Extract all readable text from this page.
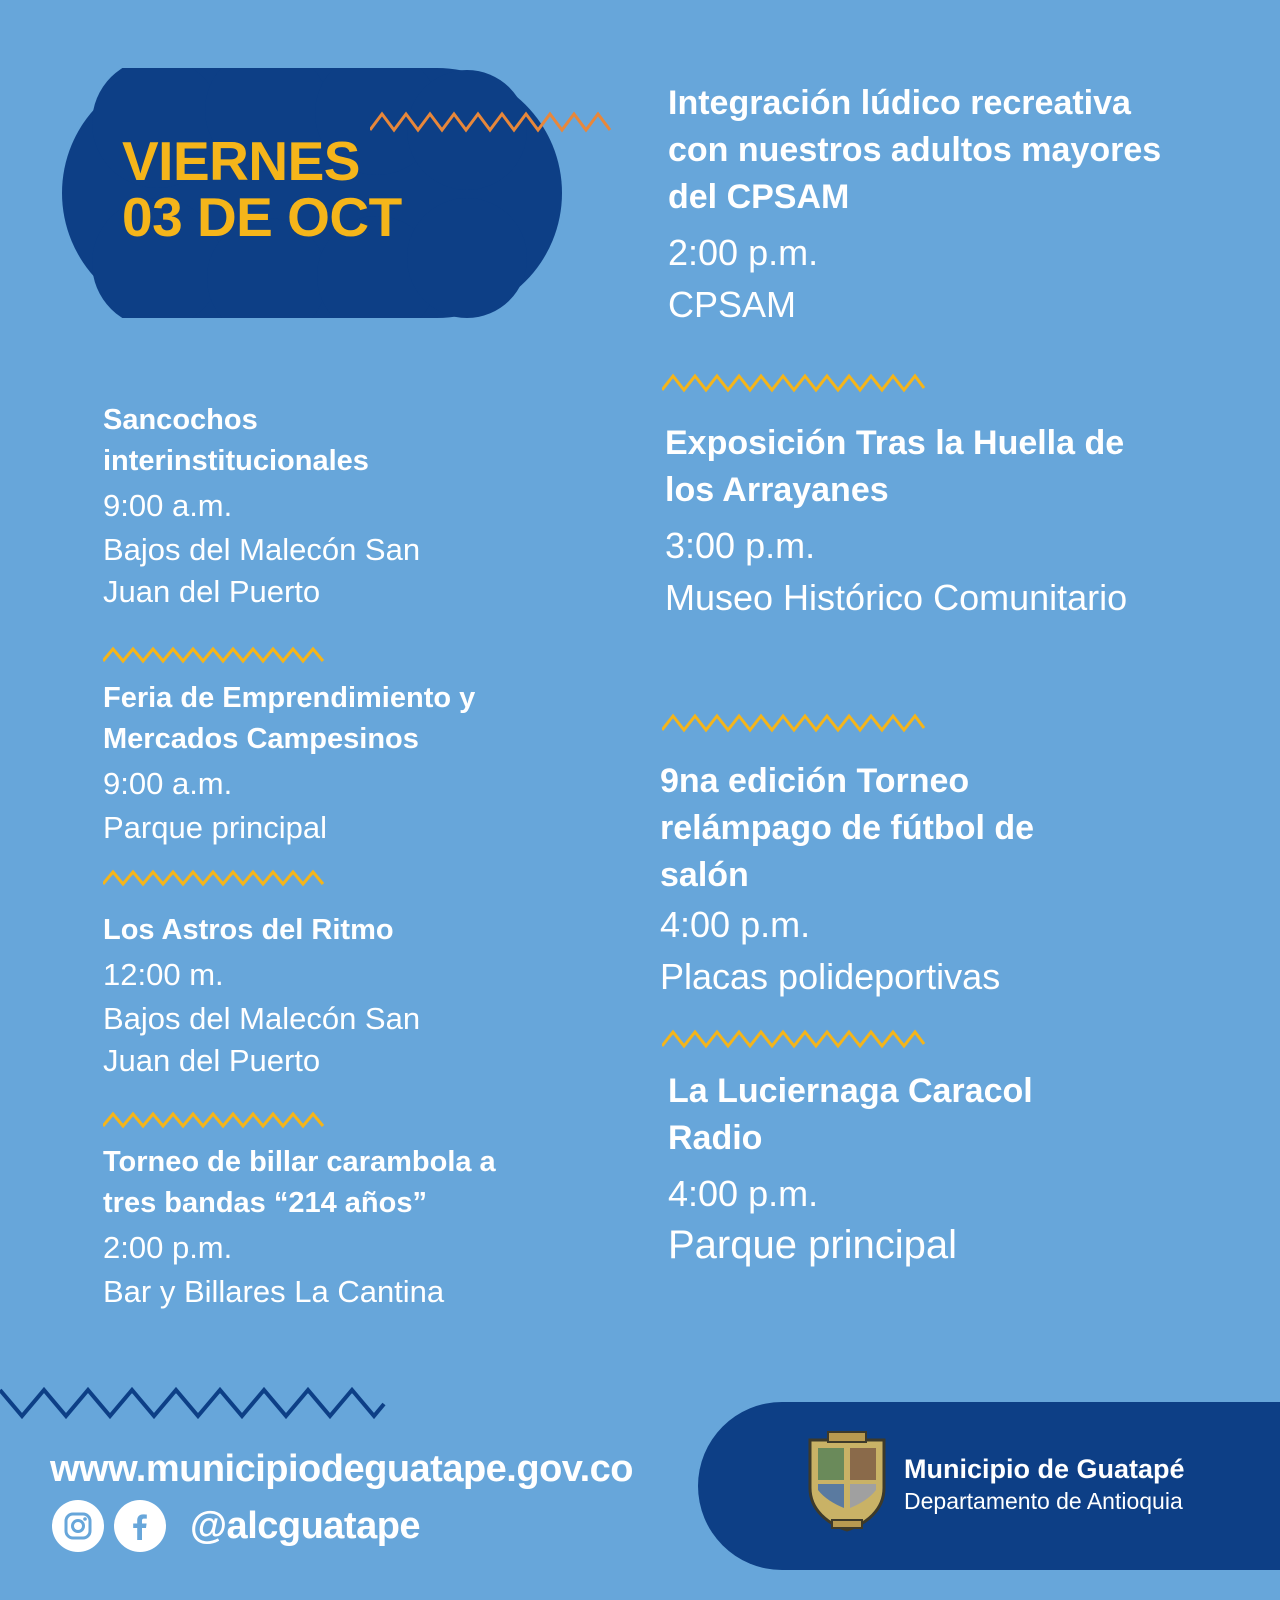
VIERNES
03 DE OCT

Sancochos interinstitucionales

9:00 a.m.

Bajos del Malecón San Juan del Puerto

Feria de Emprendimiento y Mercados Campesinos

9:00 a.m.

Parque principal

Los Astros del Ritmo

12:00 m.

Bajos del Malecón San Juan del Puerto

Torneo de billar carambola a tres bandas “214 años”

2:00 p.m.

Bar y Billares La Cantina

Integración lúdico recreativa con nuestros adultos mayores del CPSAM

2:00 p.m.

CPSAM

Exposición Tras la Huella de los Arrayanes

3:00 p.m.

Museo Histórico Comunitario

9na edición Torneo relámpago de fútbol de salón

4:00 p.m.

Placas polideportivas

La Luciernaga Caracol Radio

4:00 p.m.

Parque principal

www.municipiodeguatape.gov.co
@alcguatape
Municipio de Guatapé
Departamento de Antioquia
